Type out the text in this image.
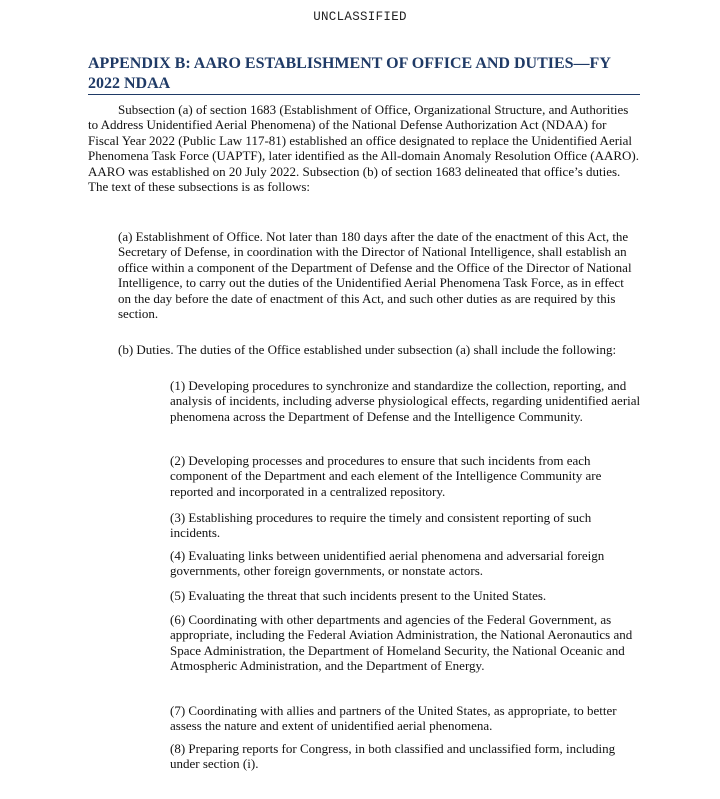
UNCLASSIFIED
APPENDIX B: AARO ESTABLISHMENT OF OFFICE AND DUTIES—FY 2022 NDAA

Subsection (a) of section 1683 (Establishment of Office, Organizational Structure, and Authorities to Address Unidentified Aerial Phenomena) of the National Defense Authorization Act (NDAA) for Fiscal Year 2022 (Public Law 117-81) established an office designated to replace the Unidentified Aerial Phenomena Task Force (UAPTF), later identified as the All-domain Anomaly Resolution Office (AARO). AARO was established on 20 July 2022. Subsection (b) of section 1683 delineated that office’s duties. The text of these subsections is as follows:

(a) Establishment of Office. Not later than 180 days after the date of the enactment of this Act, the Secretary of Defense, in coordination with the Director of National Intelligence, shall establish an office within a component of the Department of Defense and the Office of the Director of National Intelligence, to carry out the duties of the Unidentified Aerial Phenomena Task Force, as in effect on the day before the date of enactment of this Act, and such other duties as are required by this section.

(b) Duties. The duties of the Office established under subsection (a) shall include the following:

(1) Developing procedures to synchronize and standardize the collection, reporting, and analysis of incidents, including adverse physiological effects, regarding unidentified aerial phenomena across the Department of Defense and the Intelligence Community.

(2) Developing processes and procedures to ensure that such incidents from each component of the Department and each element of the Intelligence Community are reported and incorporated in a centralized repository.

(3) Establishing procedures to require the timely and consistent reporting of such incidents.

(4) Evaluating links between unidentified aerial phenomena and adversarial foreign governments, other foreign governments, or nonstate actors.

(5) Evaluating the threat that such incidents present to the United States.

(6) Coordinating with other departments and agencies of the Federal Government, as appropriate, including the Federal Aviation Administration, the National Aeronautics and Space Administration, the Department of Homeland Security, the National Oceanic and Atmospheric Administration, and the Department of Energy.

(7) Coordinating with allies and partners of the United States, as appropriate, to better assess the nature and extent of unidentified aerial phenomena.

(8) Preparing reports for Congress, in both classified and unclassified form, including under section (i).
